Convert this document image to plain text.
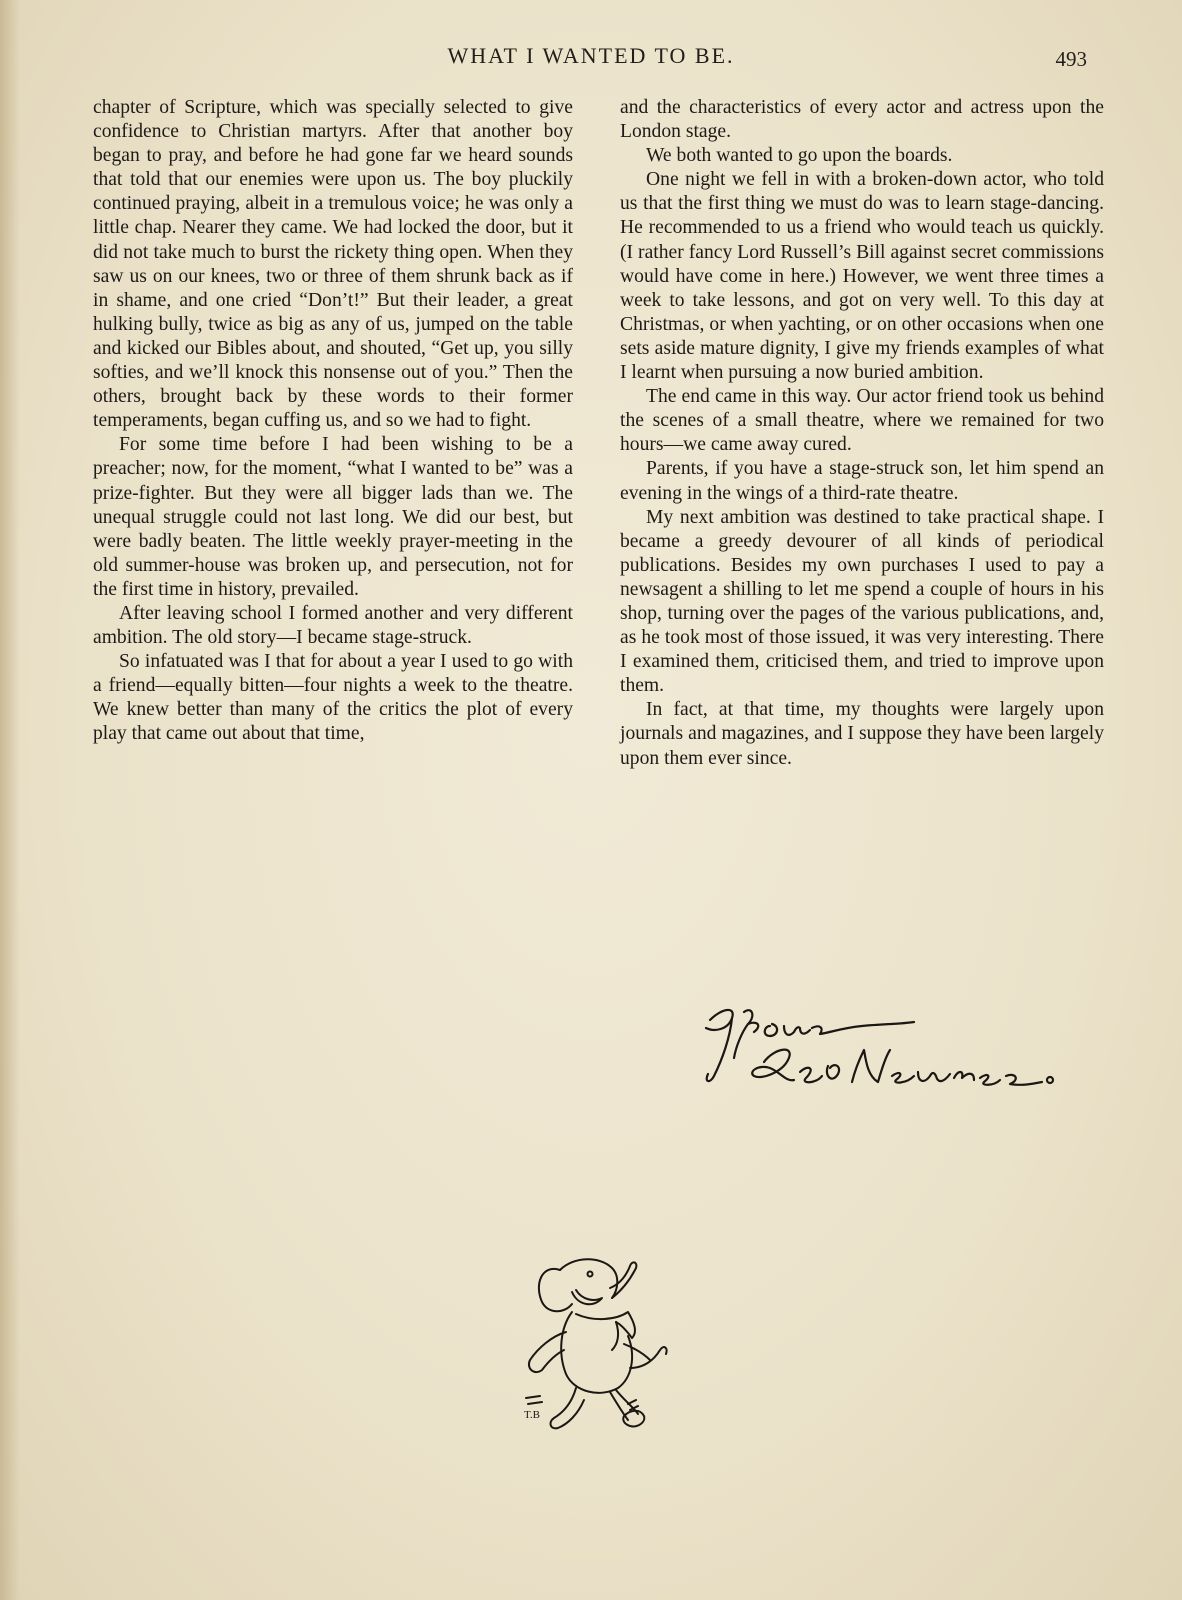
WHAT I WANTED TO BE.	493

chapter of Scripture, which was specially selected to give confidence to Christian martyrs. After that another boy began to pray, and before he had gone far we heard sounds that told that our enemies were upon us. The boy pluckily continued praying, albeit in a tremulous voice; he was only a little chap. Nearer they came. We had locked the door, but it did not take much to burst the rickety thing open. When they saw us on our knees, two or three of them shrunk back as if in shame, and one cried “Don’t!” But their leader, a great hulking bully, twice as big as any of us, jumped on the table and kicked our Bibles about, and shouted, “Get up, you silly softies, and we’ll knock this nonsense out of you.” Then the others, brought back by these words to their former temperaments, began cuffing us, and so we had to fight.

For some time before I had been wishing to be a preacher; now, for the moment, “what I wanted to be” was a prize-fighter. But they were all bigger lads than we. The unequal struggle could not last long. We did our best, but were badly beaten. The little weekly prayer-meeting in the old summer-house was broken up, and persecution, not for the first time in history, prevailed.

After leaving school I formed another and very different ambition. The old story—I became stage-struck.

So infatuated was I that for about a year I used to go with a friend—equally bitten—four nights a week to the theatre. We knew better than many of the critics the plot of every play that came out about that time,

and the characteristics of every actor and actress upon the London stage.

We both wanted to go upon the boards.

One night we fell in with a broken-down actor, who told us that the first thing we must do was to learn stage-dancing. He recommended to us a friend who would teach us quickly. (I rather fancy Lord Russell’s Bill against secret commissions would have come in here.) However, we went three times a week to take lessons, and got on very well. To this day at Christmas, or when yachting, or on other occasions when one sets aside mature dignity, I give my friends examples of what I learnt when pursuing a now buried ambition.

The end came in this way. Our actor friend took us behind the scenes of a small theatre, where we remained for two hours—we came away cured.

Parents, if you have a stage-struck son, let him spend an evening in the wings of a third-rate theatre.

My next ambition was destined to take practical shape. I became a greedy devourer of all kinds of periodical publications. Besides my own purchases I used to pay a newsagent a shilling to let me spend a couple of hours in his shop, turning over the pages of the various publications, and, as he took most of those issued, it was very interesting. There I examined them, criticised them, and tried to improve upon them.

In fact, at that time, my thoughts were largely upon journals and magazines, and I suppose they have been largely upon them ever since.

T.B
